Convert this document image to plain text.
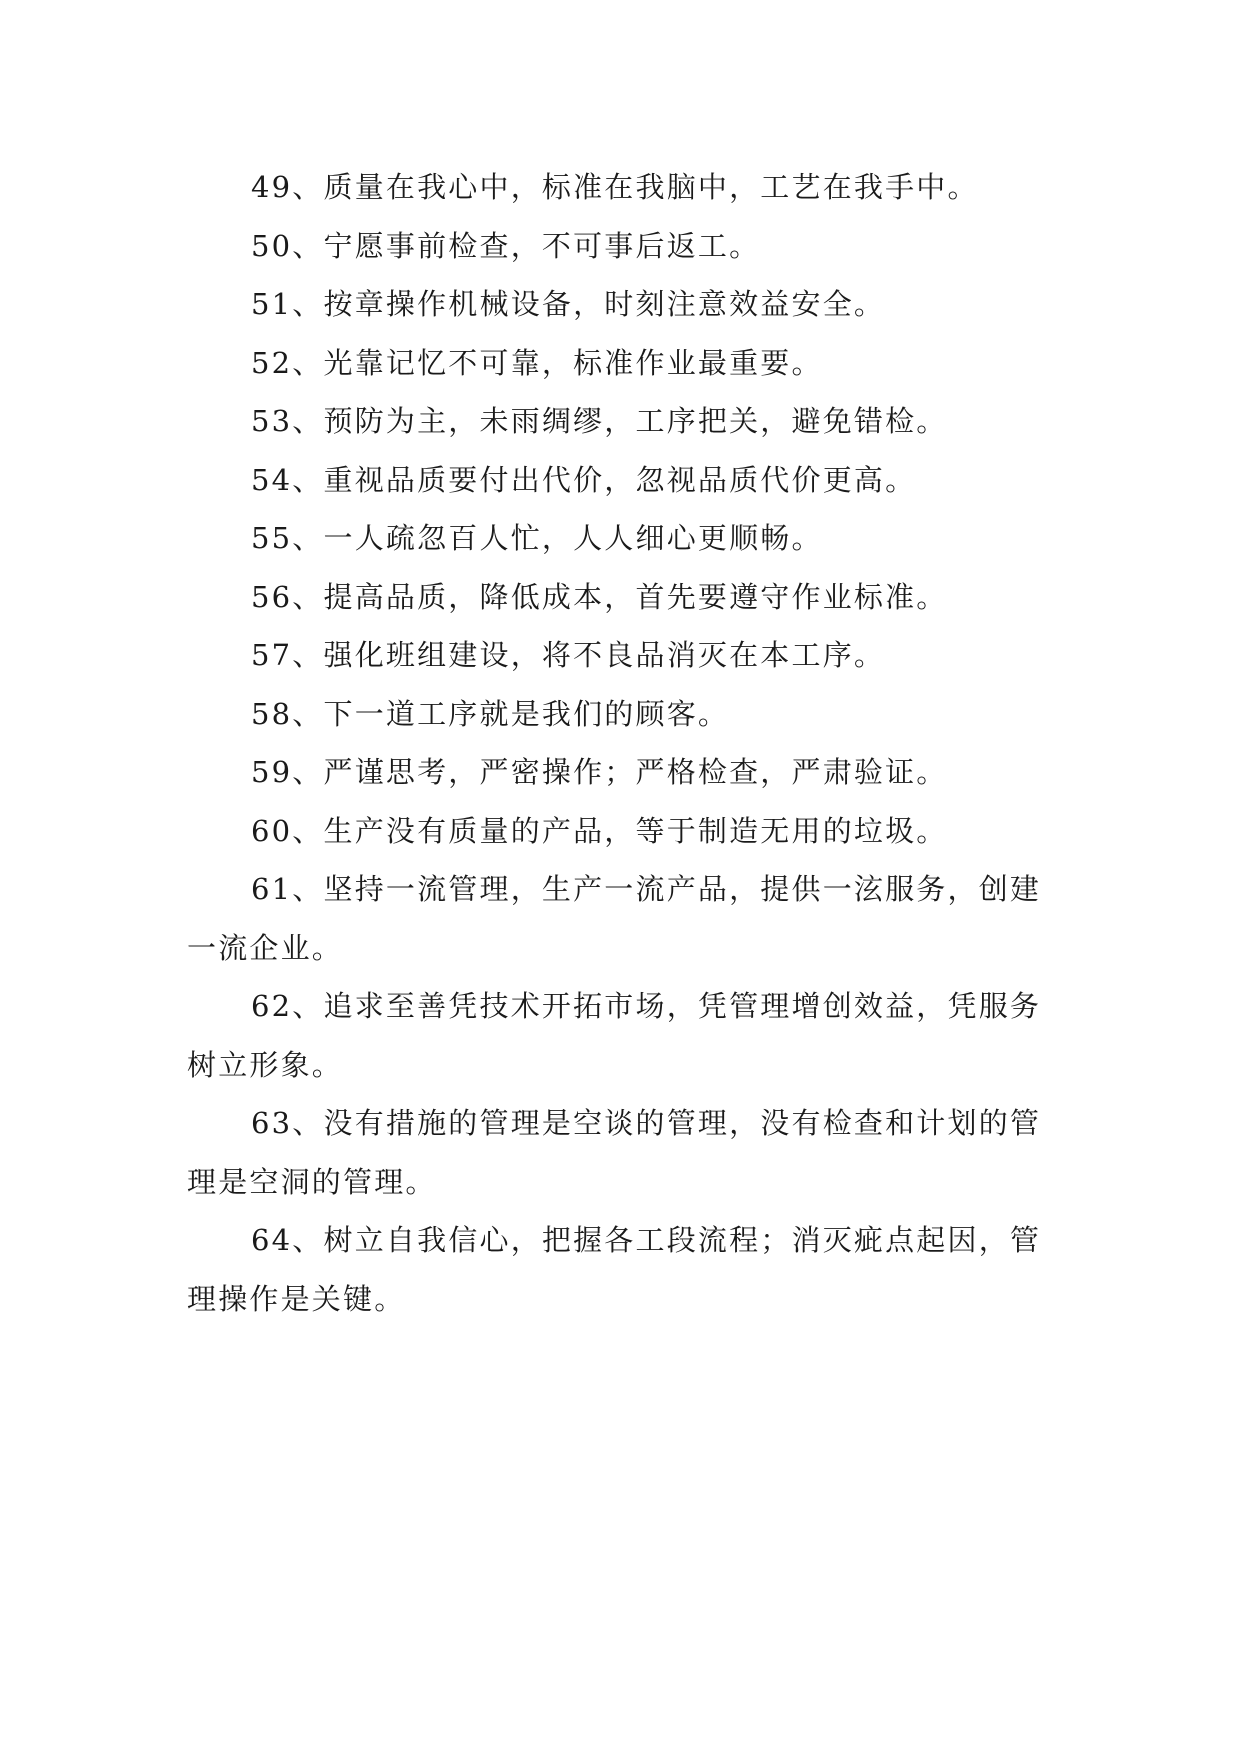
49、质量在我心中，标准在我脑中，工艺在我手中。

50、宁愿事前检查，不可事后返工。

51、按章操作机械设备，时刻注意效益安全。

52、光靠记忆不可靠，标准作业最重要。

53、预防为主，未雨绸缪，工序把关，避免错检。

54、重视品质要付出代价，忽视品质代价更高。

55、一人疏忽百人忙，人人细心更顺畅。

56、提高品质，降低成本，首先要遵守作业标准。

57、强化班组建设，将不良品消灭在本工序。

58、下一道工序就是我们的顾客。

59、严谨思考，严密操作；严格检查，严肃验证。

60、生产没有质量的产品，等于制造无用的垃圾。

61、坚持一流管理，生产一流产品，提供一泫服务，创建一流企业。

62、追求至善凭技术开拓市场，凭管理增创效益，凭服务树立形象。

63、没有措施的管理是空谈的管理，没有检查和计划的管理是空洞的管理。

64、树立自我信心，把握各工段流程；消灭疵点起因，管理操作是关键。
